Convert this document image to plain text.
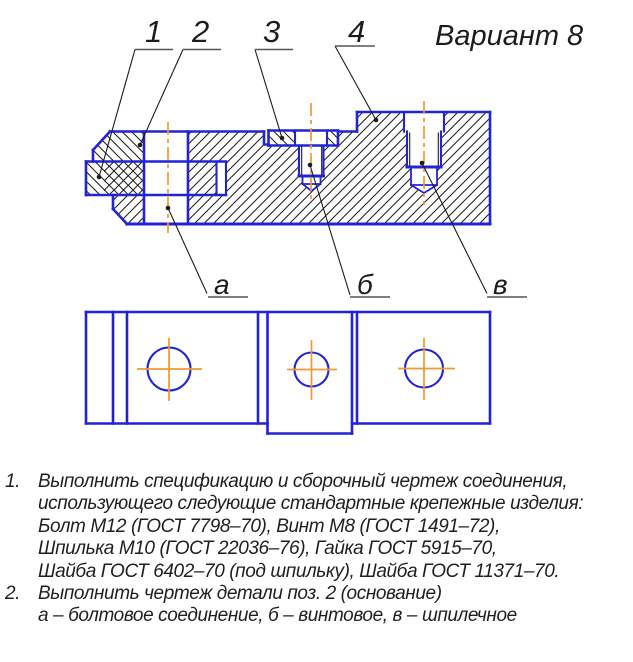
1 2 3 4
а	б	в
Вариант 8
1. Выполнить спецификацию и сборочный чертеж соединения,
использующего следующие стандартные крепежные изделия:
Болт М12 (ГОСТ 7798–70), Винт М8 (ГОСТ 1491–72),
Шпилька М10 (ГОСТ 22036–76), Гайка ГОСТ 5915–70,
Шайба ГОСТ 6402–70 (под шпильку), Шайба ГОСТ 11371–70.
2. Выполнить чертеж детали поз. 2 (основание)
а – болтовое соединение, б – винтовое, в – шпилечное
